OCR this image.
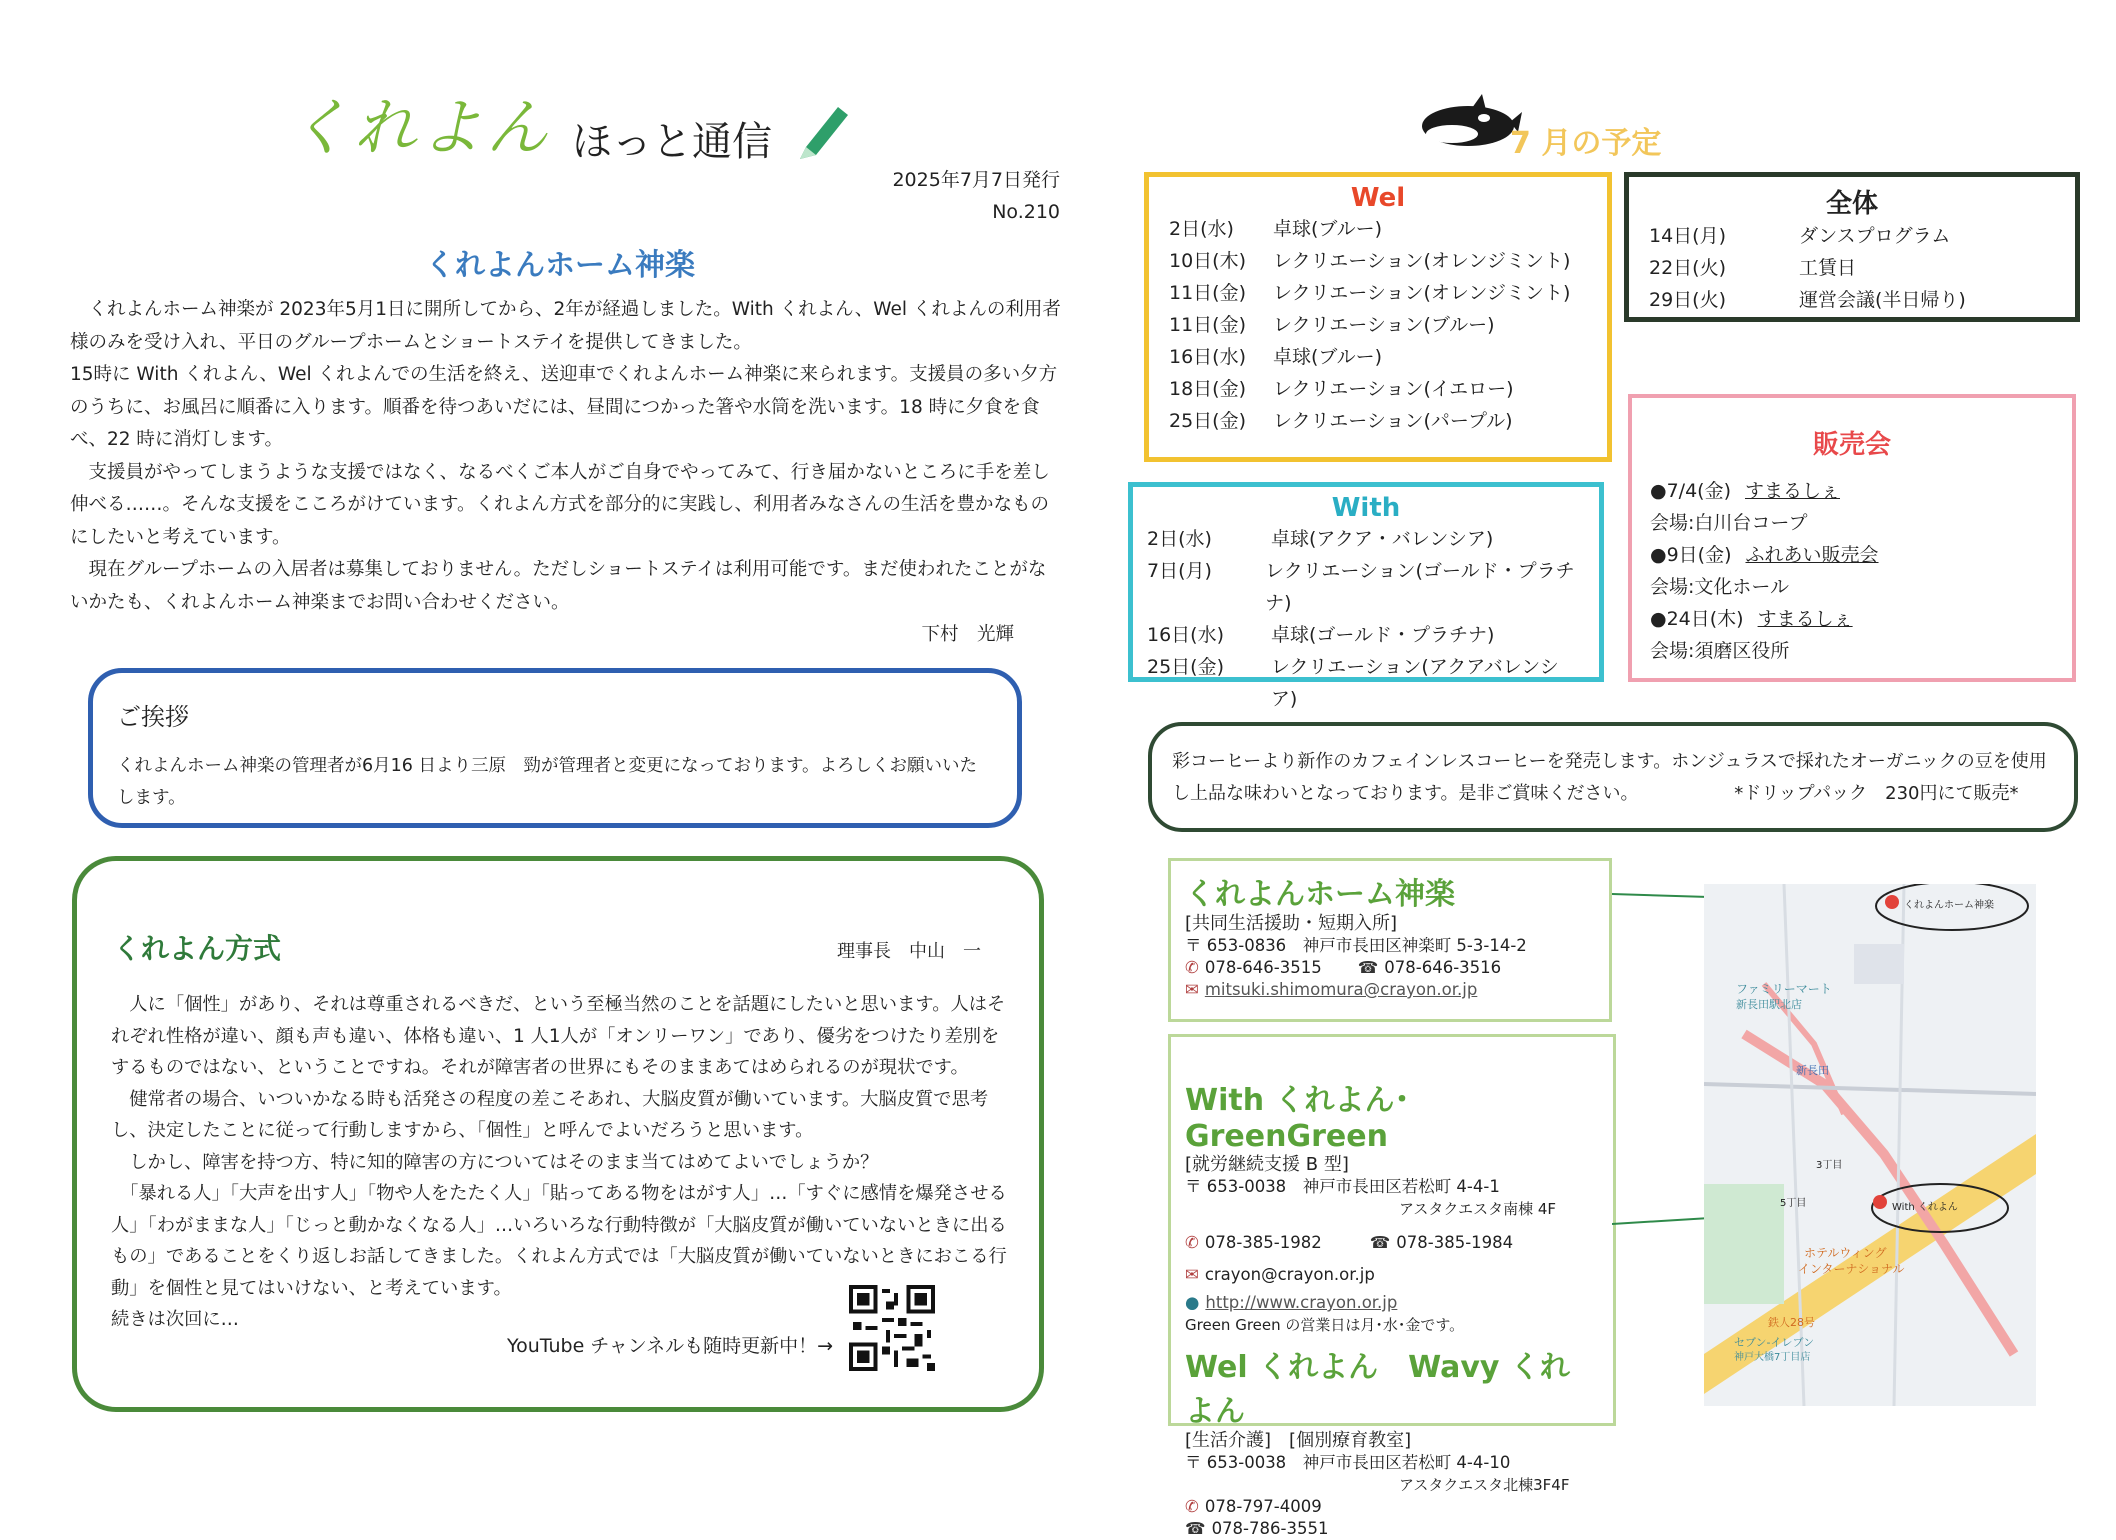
くれよん ほっと通信
2025年7月7日発行
No.210
くれよんホーム神楽

　くれよんホーム神楽が 2023年5月1日に開所してから、2年が経過しました。With くれよん、Wel くれよんの利用者様のみを受け入れ、平日のグループホームとショートステイを提供してきました。

15時に With くれよん、Wel くれよんでの生活を終え、送迎車でくれよんホーム神楽に来られます。支援員の多い夕方のうちに、お風呂に順番に入ります。順番を待つあいだには、昼間につかった箸や水筒を洗います。18 時に夕食を食べ、22 時に消灯します。

　支援員がやってしまうような支援ではなく、なるべくご本人がご自身でやってみて、行き届かないところに手を差し伸べる……。そんな支援をこころがけています。くれよん方式を部分的に実践し、利用者みなさんの生活を豊かなものにしたいと考えています。

　現在グループホームの入居者は募集しておりません。ただしショートステイは利用可能です。まだ使われたことがないかたも、くれよんホーム神楽までお問い合わせください。

下村　光輝

ご挨拶
くれよんホーム神楽の管理者が6月16 日より三原　勁が管理者と変更になっております。よろしくお願いいたします。
くれよん方式	理事長　中山　一

　人に「個性」があり、それは尊重されるべきだ、という至極当然のことを話題にしたいと思います。人はそれぞれ性格が違い、顔も声も違い、体格も違い、1 人1人が「オンリーワン」であり、優劣をつけたり差別をするものではない、ということですね。それが障害者の世界にもそのままあてはめられるのが現状です。

　健常者の場合、いついかなる時も活発さの程度の差こそあれ、大脳皮質が働いています。大脳皮質で思考し、決定したことに従って行動しますから、「個性」と呼んでよいだろうと思います。

　しかし、障害を持つ方、特に知的障害の方についてはそのまま当てはめてよいでしょうか？

　「暴れる人」「大声を出す人」「物や人をたたく人」「貼ってある物をはがす人」…「すぐに感情を爆発させる人」「わがままな人」「じっと動かなくなる人」…いろいろな行動特徴が「大脳皮質が働いていないときに出るもの」であることをくり返しお話してきました。くれよん方式では「大脳皮質が働いていないときにおこる行動」を個性と見てはいけない、と考えています。

続きは次回に…

YouTube チャンネルも随時更新中！→
7 月の予定
Wel
2日(水)	卓球(ブルー)
10日(木)	レクリエーション(オレンジミント)
11日(金)	レクリエーション(オレンジミント)
11日(金)	レクリエーション(ブルー)
16日(水)	卓球(ブルー)
18日(金)	レクリエーション(イエロー)
25日(金)	レクリエーション(パープル)
全体
14日(月)	ダンスプログラム
22日(火)	工賃日
29日(火)	運営会議(半日帰り)
With
2日(水)	卓球(アクア・バレンシア)
7日(月)	レクリエーション(ゴールド・プラチナ)
16日(水)	卓球(ゴールド・プラチナ)
25日(金)	レクリエーション(アクアバレンシア)
販売会
●7/4(金) すまるしぇ
会場:白川台コープ
●9日(金) ふれあい販売会
会場:文化ホール
●24日(木) すまるしぇ
会場:須磨区役所
彩コーヒーより新作のカフェインレスコーヒーを発売します。ホンジュラスで採れたオーガニックの豆を使用し上品な味わいとなっております。是非ご賞味ください。	*ドリップパック　230円にて販売*
くれよんホーム神楽
[共同生活援助・短期入所]
〒 653-0836　 神戸市長田区神楽町 5-3-14-2
✆ 078-646-3515 ☎ 078-646-3516
✉ mitsuki.shimomura@crayon.or.jp
With くれよん･GreenGreen
[就労継続支援 B 型]
〒 653-0038　 神戸市長田区若松町 4-4-1
アスタクエスタ南棟 4F
✆ 078-385-1982	☎ 078-385-1984
✉ crayon@crayon.or.jp
● http://www.crayon.or.jp
Green Green の営業日は月･水･金です。
Wel くれよん　Wavy くれよん
[生活介護]　[個別療育教室]
〒 653-0038　 神戸市長田区若松町 4-4-10
アスタクエスタ北棟3F4F
✆ 078-797-4009
☎ 078-786-3551
くれよんホーム神楽
With くれよん
ファミリーマート
新長田駅北店
新長田
ホテルウィング
インターナショナル
セブン-イレブン
神戸大橋7丁目店
5丁目
3丁目
鉄人28号
